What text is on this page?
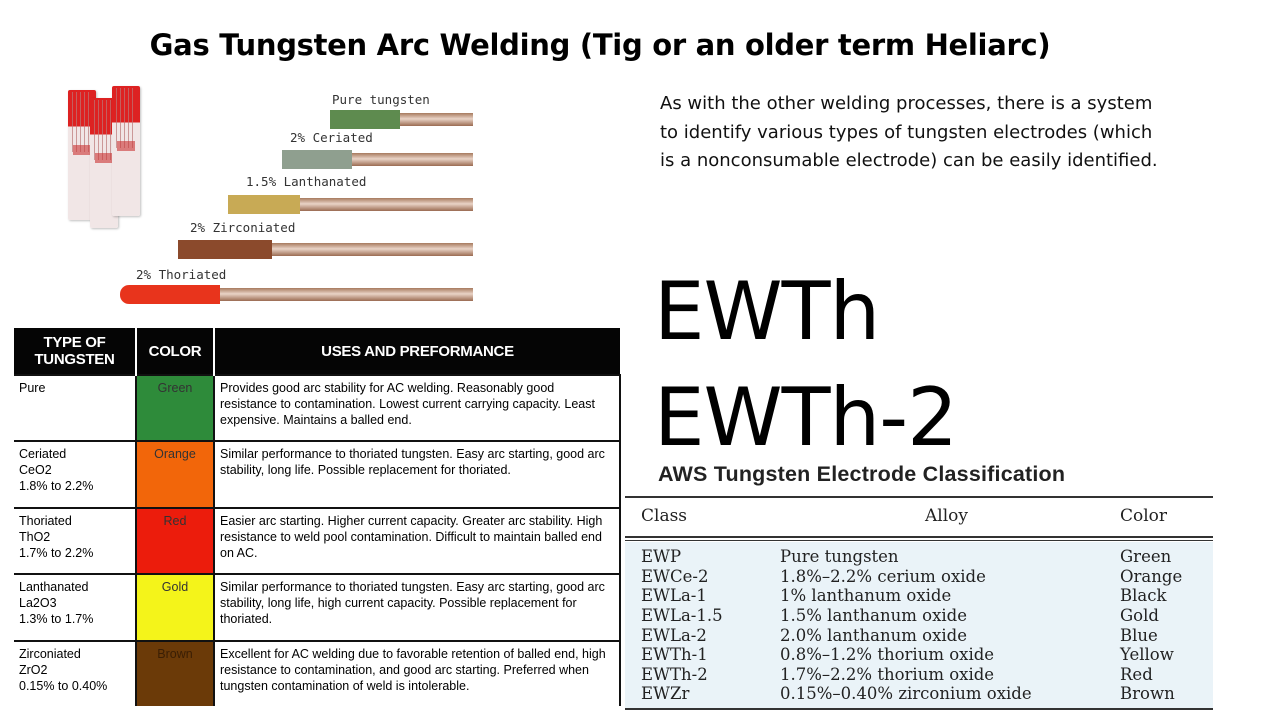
Gas Tungsten Arc Welding (Tig or an older term Heliarc)
Pure tungsten
2% Ceriated
1.5% Lanthanated
2% Zirconiated
2% Thoriated
As with the other welding processes, there is a system to identify various types of tungsten electrodes (which is a nonconsumable electrode) can be easily identified.
EWTh
EWTh-2
TYPE OF TUNGSTEN	COLOR	USES AND PREFORMANCE

Pure	Green	Provides good arc stability for AC welding. Reasonably good resistance to contamination. Lowest current carrying capacity. Least expensive. Maintains a balled end.

Ceriated
CeO2
1.8% to 2.2%	Orange	Similar performance to thoriated tungsten. Easy arc starting, good arc stability, long life. Possible replacement for thoriated.

Thoriated
ThO2
1.7% to 2.2%	Red	Easier arc starting. Higher current capacity. Greater arc stability. High resistance to weld pool contamination. Difficult to maintain balled end on AC.

Lanthanated
La2O3
1.3% to 1.7%	Gold	Similar performance to thoriated tungsten. Easy arc starting, good arc stability, long life, high current capacity. Possible replacement for thoriated.

Zirconiated
ZrO2
0.15% to 0.40%	Brown	Excellent for AC welding due to favorable retention of balled end, high resistance to contamination, and good arc starting. Preferred when tungsten contamination of weld is intolerable.
AWS Tungsten Electrode Classification
Class	Alloy	Color
EWP	Pure tungsten	Green
EWCe-2	1.8%–2.2% cerium oxide	Orange
EWLa-1	1% lanthanum oxide	Black
EWLa-1.5	1.5% lanthanum oxide	Gold
EWLa-2	2.0% lanthanum oxide	Blue
EWTh-1	0.8%–1.2% thorium oxide	Yellow
EWTh-2	1.7%–2.2% thorium oxide	Red
EWZr	0.15%–0.40% zirconium oxide	Brown
